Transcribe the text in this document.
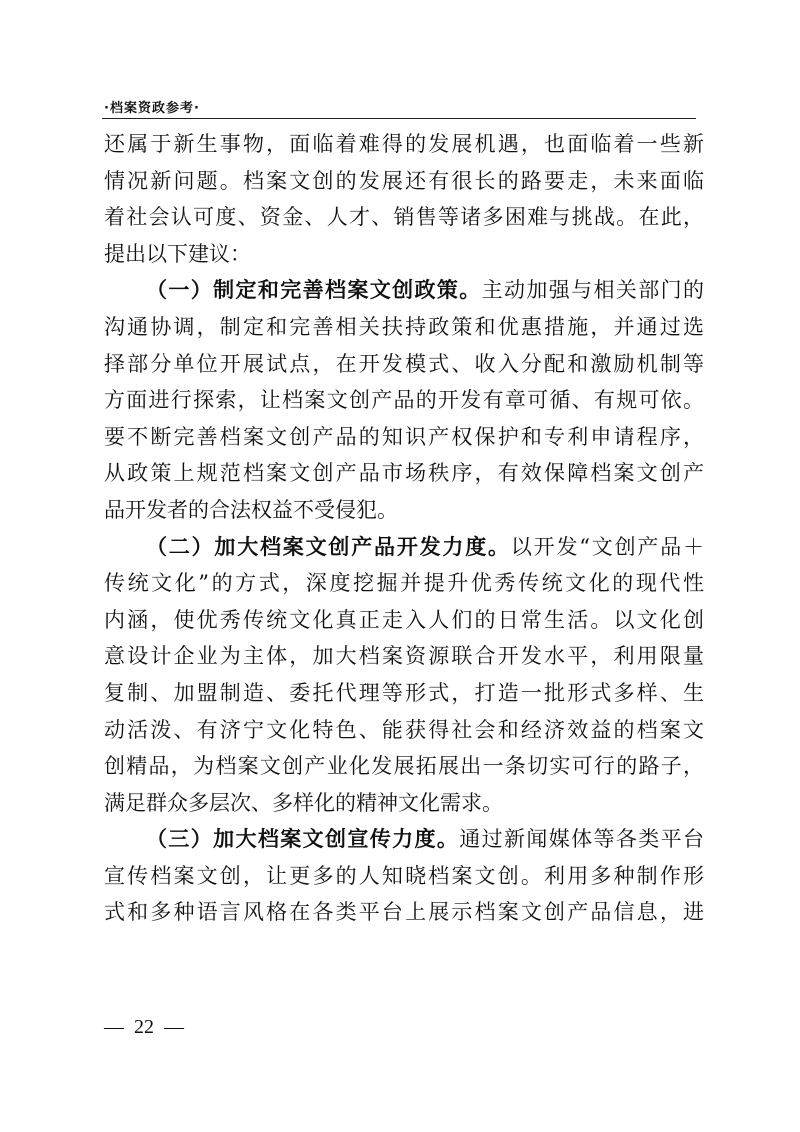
·档案资政参考·
还属于新生事物，面临着难得的发展机遇，也面临着一些新
情况新问题。档案文创的发展还有很长的路要走，未来面临
着社会认可度、资金、人才、销售等诸多困难与挑战。在此，
提出以下建议：
（一）制定和完善档案文创政策。主动加强与相关部门的
沟通协调，制定和完善相关扶持政策和优惠措施，并通过选
择部分单位开展试点，在开发模式、收入分配和激励机制等
方面进行探索，让档案文创产品的开发有章可循、有规可依。
要不断完善档案文创产品的知识产权保护和专利申请程序，
从政策上规范档案文创产品市场秩序，有效保障档案文创产
品开发者的合法权益不受侵犯。
（二）加大档案文创产品开发力度。以开发“文创产品＋
传统文化”的方式，深度挖掘并提升优秀传统文化的现代性
内涵，使优秀传统文化真正走入人们的日常生活。以文化创
意设计企业为主体，加大档案资源联合开发水平，利用限量
复制、加盟制造、委托代理等形式，打造一批形式多样、生
动活泼、有济宁文化特色、能获得社会和经济效益的档案文
创精品，为档案文创产业化发展拓展出一条切实可行的路子，
满足群众多层次、多样化的精神文化需求。
（三）加大档案文创宣传力度。通过新闻媒体等各类平台
宣传档案文创，让更多的人知晓档案文创。利用多种制作形
式和多种语言风格在各类平台上展示档案文创产品信息，进
—  22  —
